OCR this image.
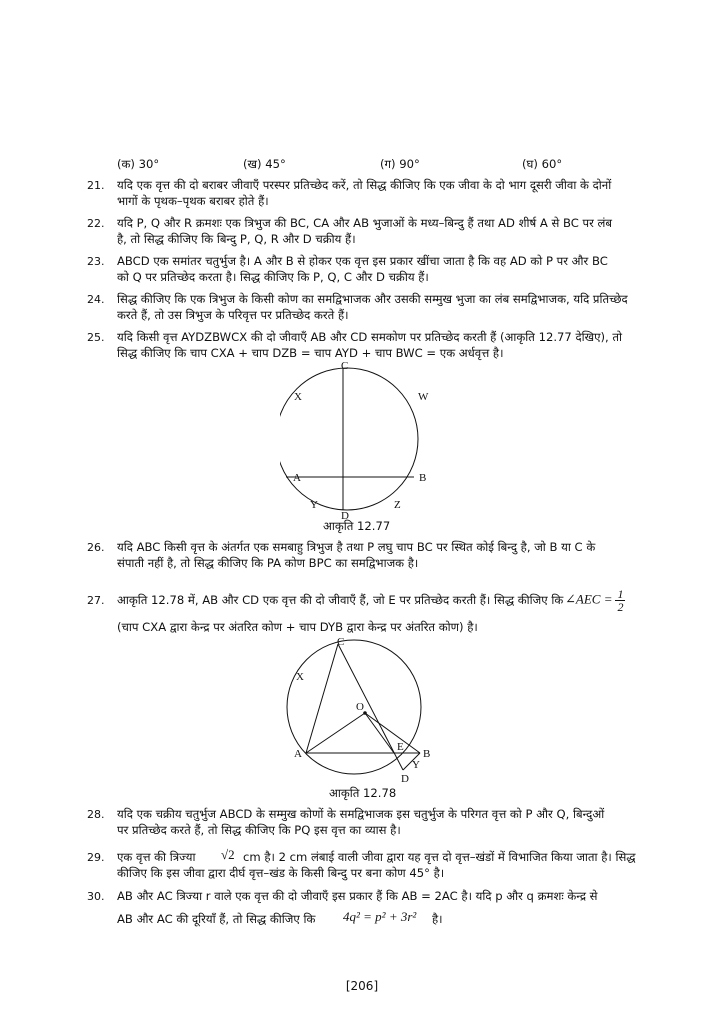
(क) 30°	(ख) 45°	(ग) 90°	(घ) 60°
21. यदि एक वृत्त की दो बराबर जीवाएँ परस्पर प्रतिच्छेद करें, तो सिद्ध कीजिए कि एक जीवा के दो भाग दूसरी जीवा के दोनों
भागों के पृथक–पृथक बराबर होते हैं।
22. यदि P, Q और R क्रमशः एक त्रिभुज की BC, CA और AB भुजाओं के मध्य–बिन्दु हैं तथा AD शीर्ष A से BC पर लंब
है, तो सिद्ध कीजिए कि बिन्दु P, Q, R और D चक्रीय हैं।
23. ABCD एक समांतर चतुर्भुज है। A और B से होकर एक वृत्त इस प्रकार खींचा जाता है कि वह AD को P पर और BC
को Q पर प्रतिच्छेद करता है। सिद्ध कीजिए कि P, Q, C और D चक्रीय हैं।
24. सिद्ध कीजिए कि एक त्रिभुज के किसी कोण का समद्विभाजक और उसकी सम्मुख भुजा का लंब समद्विभाजक, यदि प्रतिच्छेद
करते हैं, तो उस त्रिभुज के परिवृत्त पर प्रतिच्छेद करते हैं।
25. यदि किसी वृत्त AYDZBWCX की दो जीवाएँ AB और CD समकोण पर प्रतिच्छेद करती हैं (आकृति 12.77 देखिए), तो
सिद्ध कीजिए कि चाप CXA + चाप DZB = चाप AYD + चाप BWC = एक अर्धवृत्त है।
C
X	W
A	B
Y
D
Z
आकृति 12.77
26. यदि ABC किसी वृत्त के अंतर्गत एक समबाहु त्रिभुज है तथा P लघु चाप BC पर स्थित कोई बिन्दु है, जो B या C के
संपाती नहीं है, तो सिद्ध कीजिए कि PA कोण BPC का समद्विभाजक है।
27. आकृति 12.78 में, AB और CD एक वृत्त की दो जीवाएँ हैं, जो E पर प्रतिच्छेद करती हैं। सिद्ध कीजिए कि ∠AEC = $\frac{1}{2}$
(चाप CXA द्वारा केन्द्र पर अंतरित कोण + चाप DYB द्वारा केन्द्र पर अंतरित कोण) है।
C
X
O
E
A	B
Y
D
आकृति 12.78
28. यदि एक चक्रीय चतुर्भुज ABCD के सम्मुख कोणों के समद्विभाजक इस चतुर्भुज के परिगत वृत्त को P और Q, बिन्दुओं
पर प्रतिच्छेद करते हैं, तो सिद्ध कीजिए कि PQ इस वृत्त का व्यास है।
29. एक वृत्त की त्रिज्या √2 cm है। 2 cm लंबाई वाली जीवा द्वारा यह वृत्त दो वृत्त–खंडों में विभाजित किया जाता है। सिद्ध
कीजिए कि इस जीवा द्वारा दीर्घ वृत्त–खंड के किसी बिन्दु पर बना कोण 45° है।
30. AB और AC त्रिज्या r वाले एक वृत्त की दो जीवाएँ इस प्रकार हैं कि AB = 2AC है। यदि p और q क्रमशः केन्द्र से
AB और AC की दूरियाँ हैं, तो सिद्ध कीजिए कि 4q² = p² + 3r² है।
[206]
